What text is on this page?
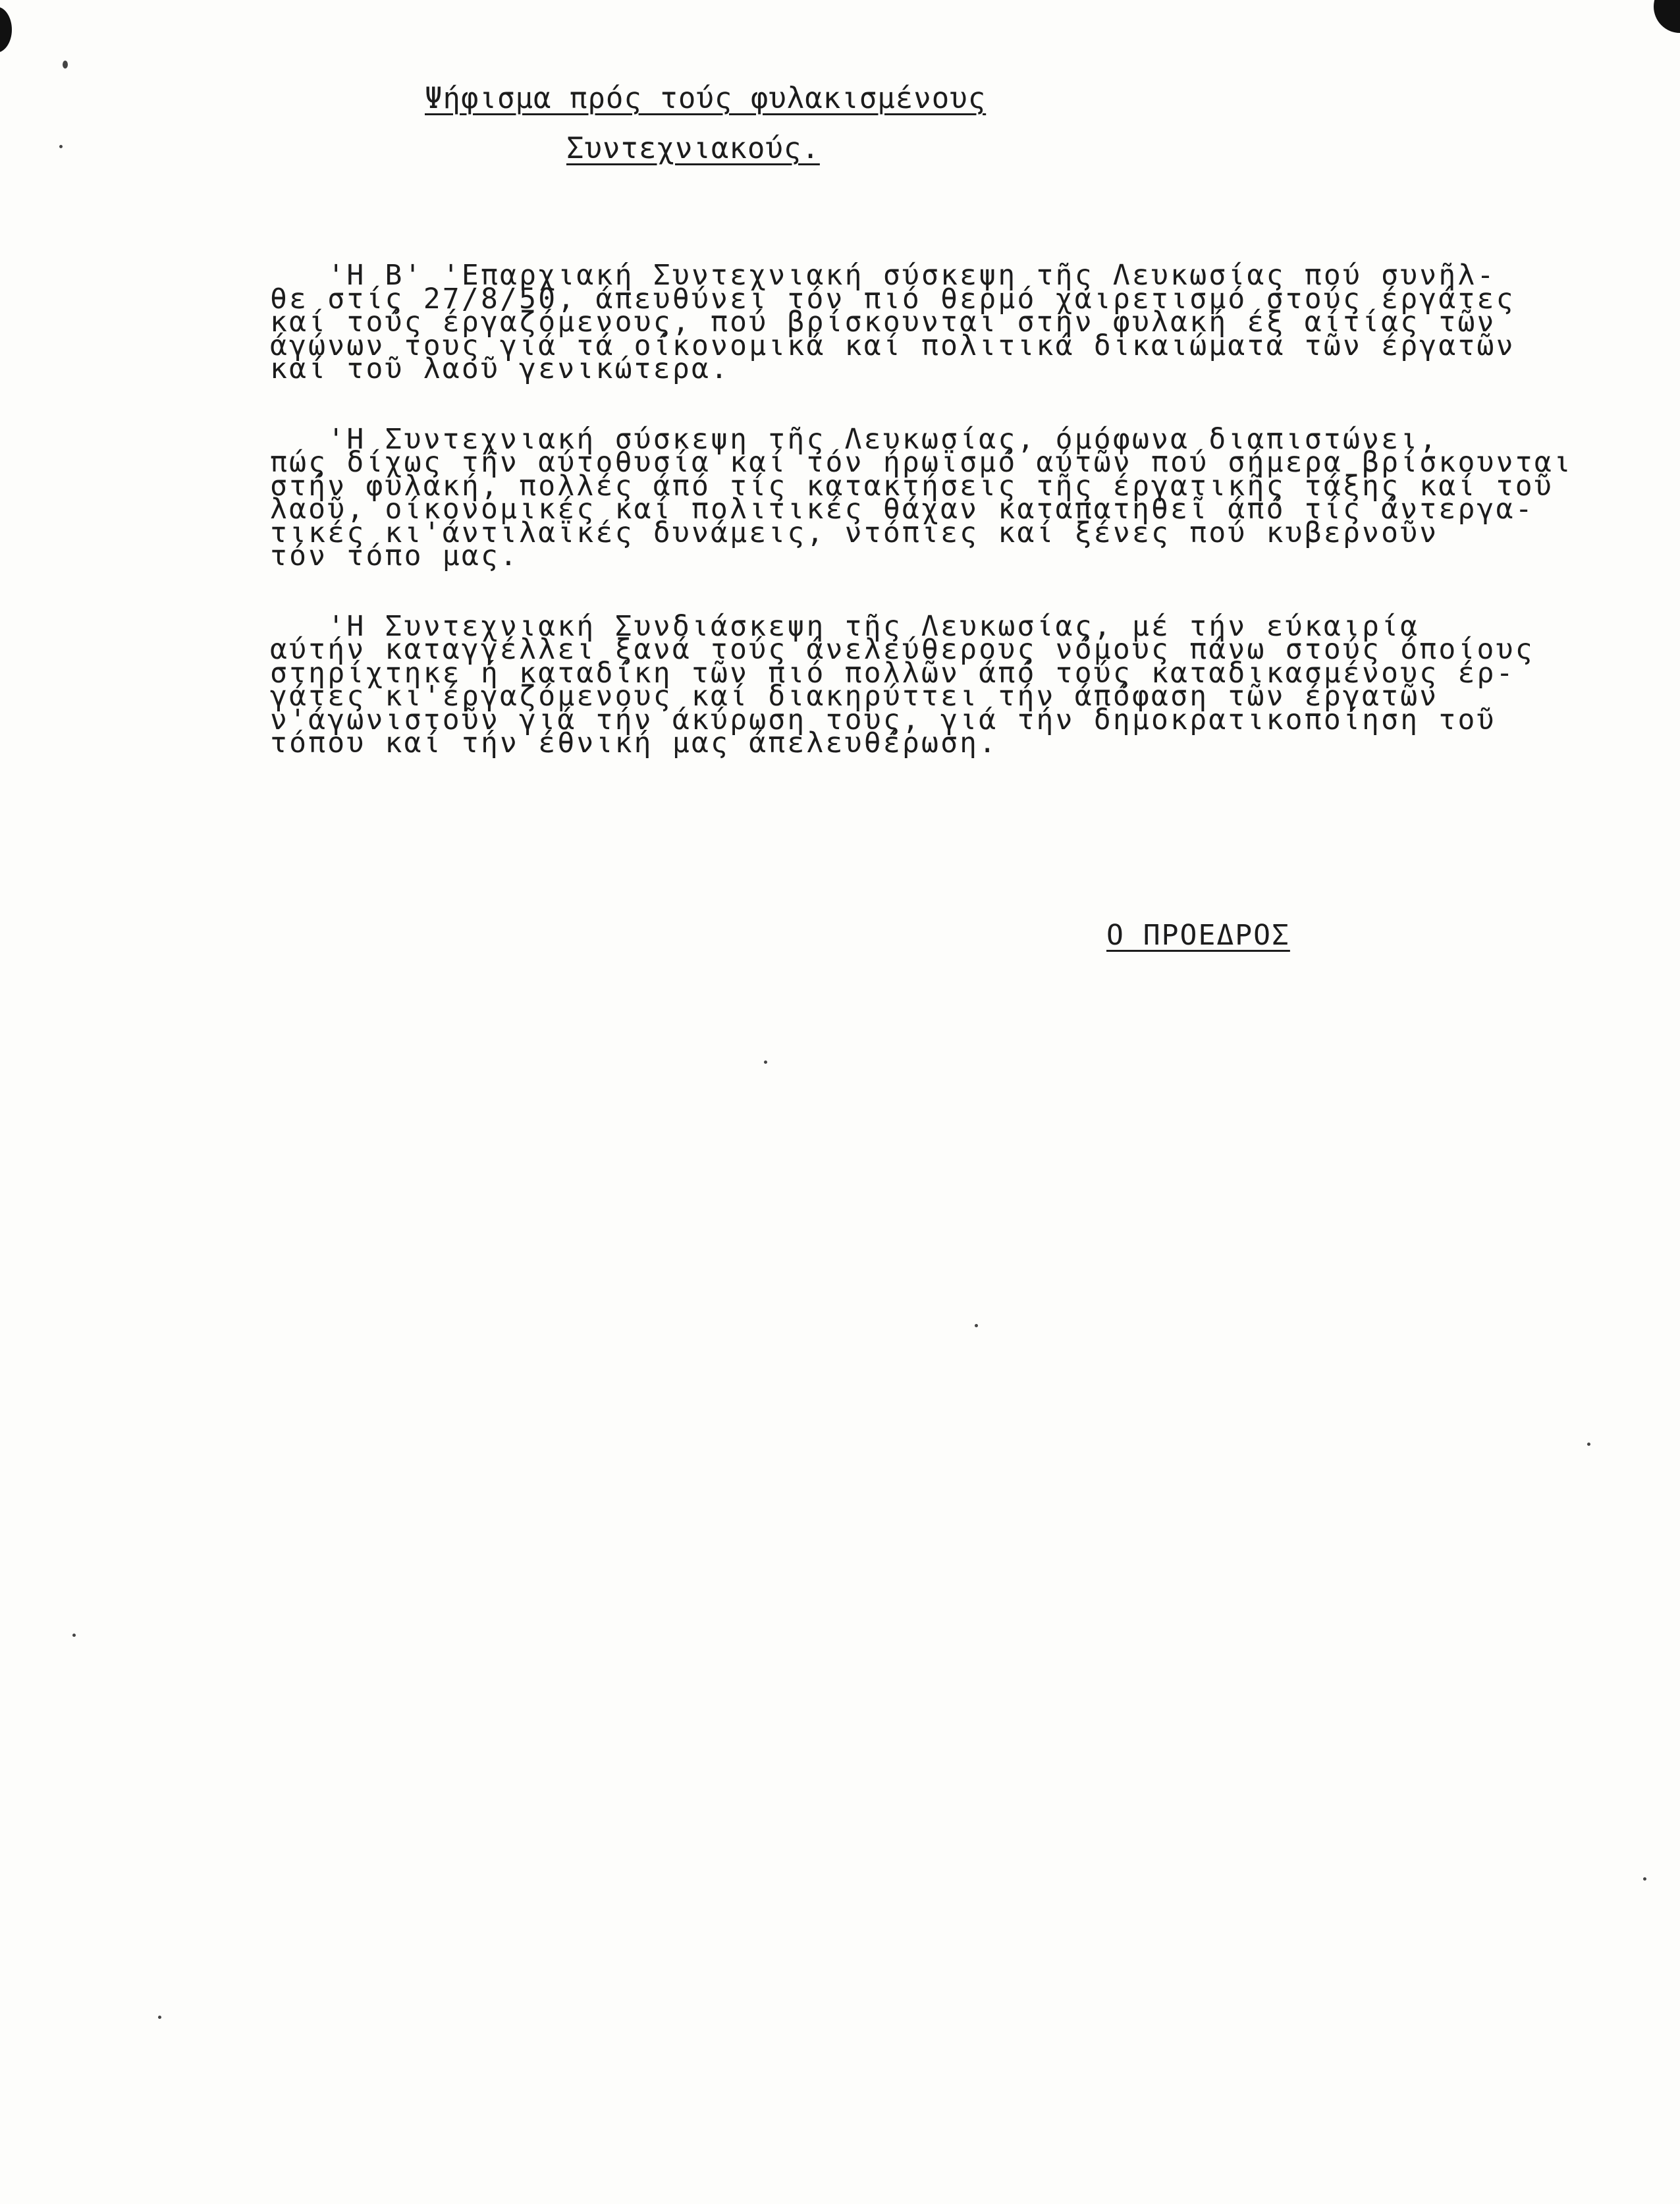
Ψήφισμα πρός τούς φυλακισμένους
Συντεχνιακούς.

'Η Β' 'Επαρχιακή Συντεχνιακή σύσκεψη τῆς Λευκωσίας πού συνῆλ-
θε στίς 27/8/50, άπευθύνει τόν πιό θερμό χαιρετισμό στούς έργάτες
καί τούς έργαζόμενους, πού βρίσκουνται στην φυλακή έξ αίτίας τῶν
άγώνων τους γιά τά οίκονομικά καί πολιτικά δικαιώματα τῶν έργατῶν
καί τοῦ λαοῦ γενικώτερα.

'Η Συντεχνιακή σύσκεψη τῆς Λευκωσίας, όμόφωνα διαπιστώνει,
πώς δίχως τήν αύτοθυσία καί τόν ήρωϊσμό αύτῶν πού σήμερα βρίσκουνται
στήν φυλακή, πολλές άπό τίς κατακτήσεις τῆς έργατικῆς τάξης καί τοῦ
λαοῦ, οίκονομικές καί πολιτικές θάχαν καταπατηθεῖ άπό τίς άντεργα-
τικές κι'άντιλαϊκές δυνάμεις, ντόπιες καί ξένες πού κυβερνοῦν
τόν τόπο μας.

'Η Συντεχνιακή Συνδιάσκεψη τῆς Λευκωσίας, μέ τήν εύκαιρία
αύτήν καταγγέλλει ξανά τούς άνελεύθερους νόμους πάνω στούς όποίους
στηρίχτηκε ή καταδίκη τῶν πιό πολλῶν άπό τούς καταδικασμένους έρ-
γάτες κι'έργαζόμενους καί διακηρύττει τήν άπόφαση τῶν έργατῶν
ν'άγωνιστοῦν γιά τήν άκύρωση τους, γιά τήν δημοκρατικοποίηση τοῦ
τόπου καί τήν έθνική μας άπελευθέρωση.

Ο ΠΡΟΕΔΡΟΣ
